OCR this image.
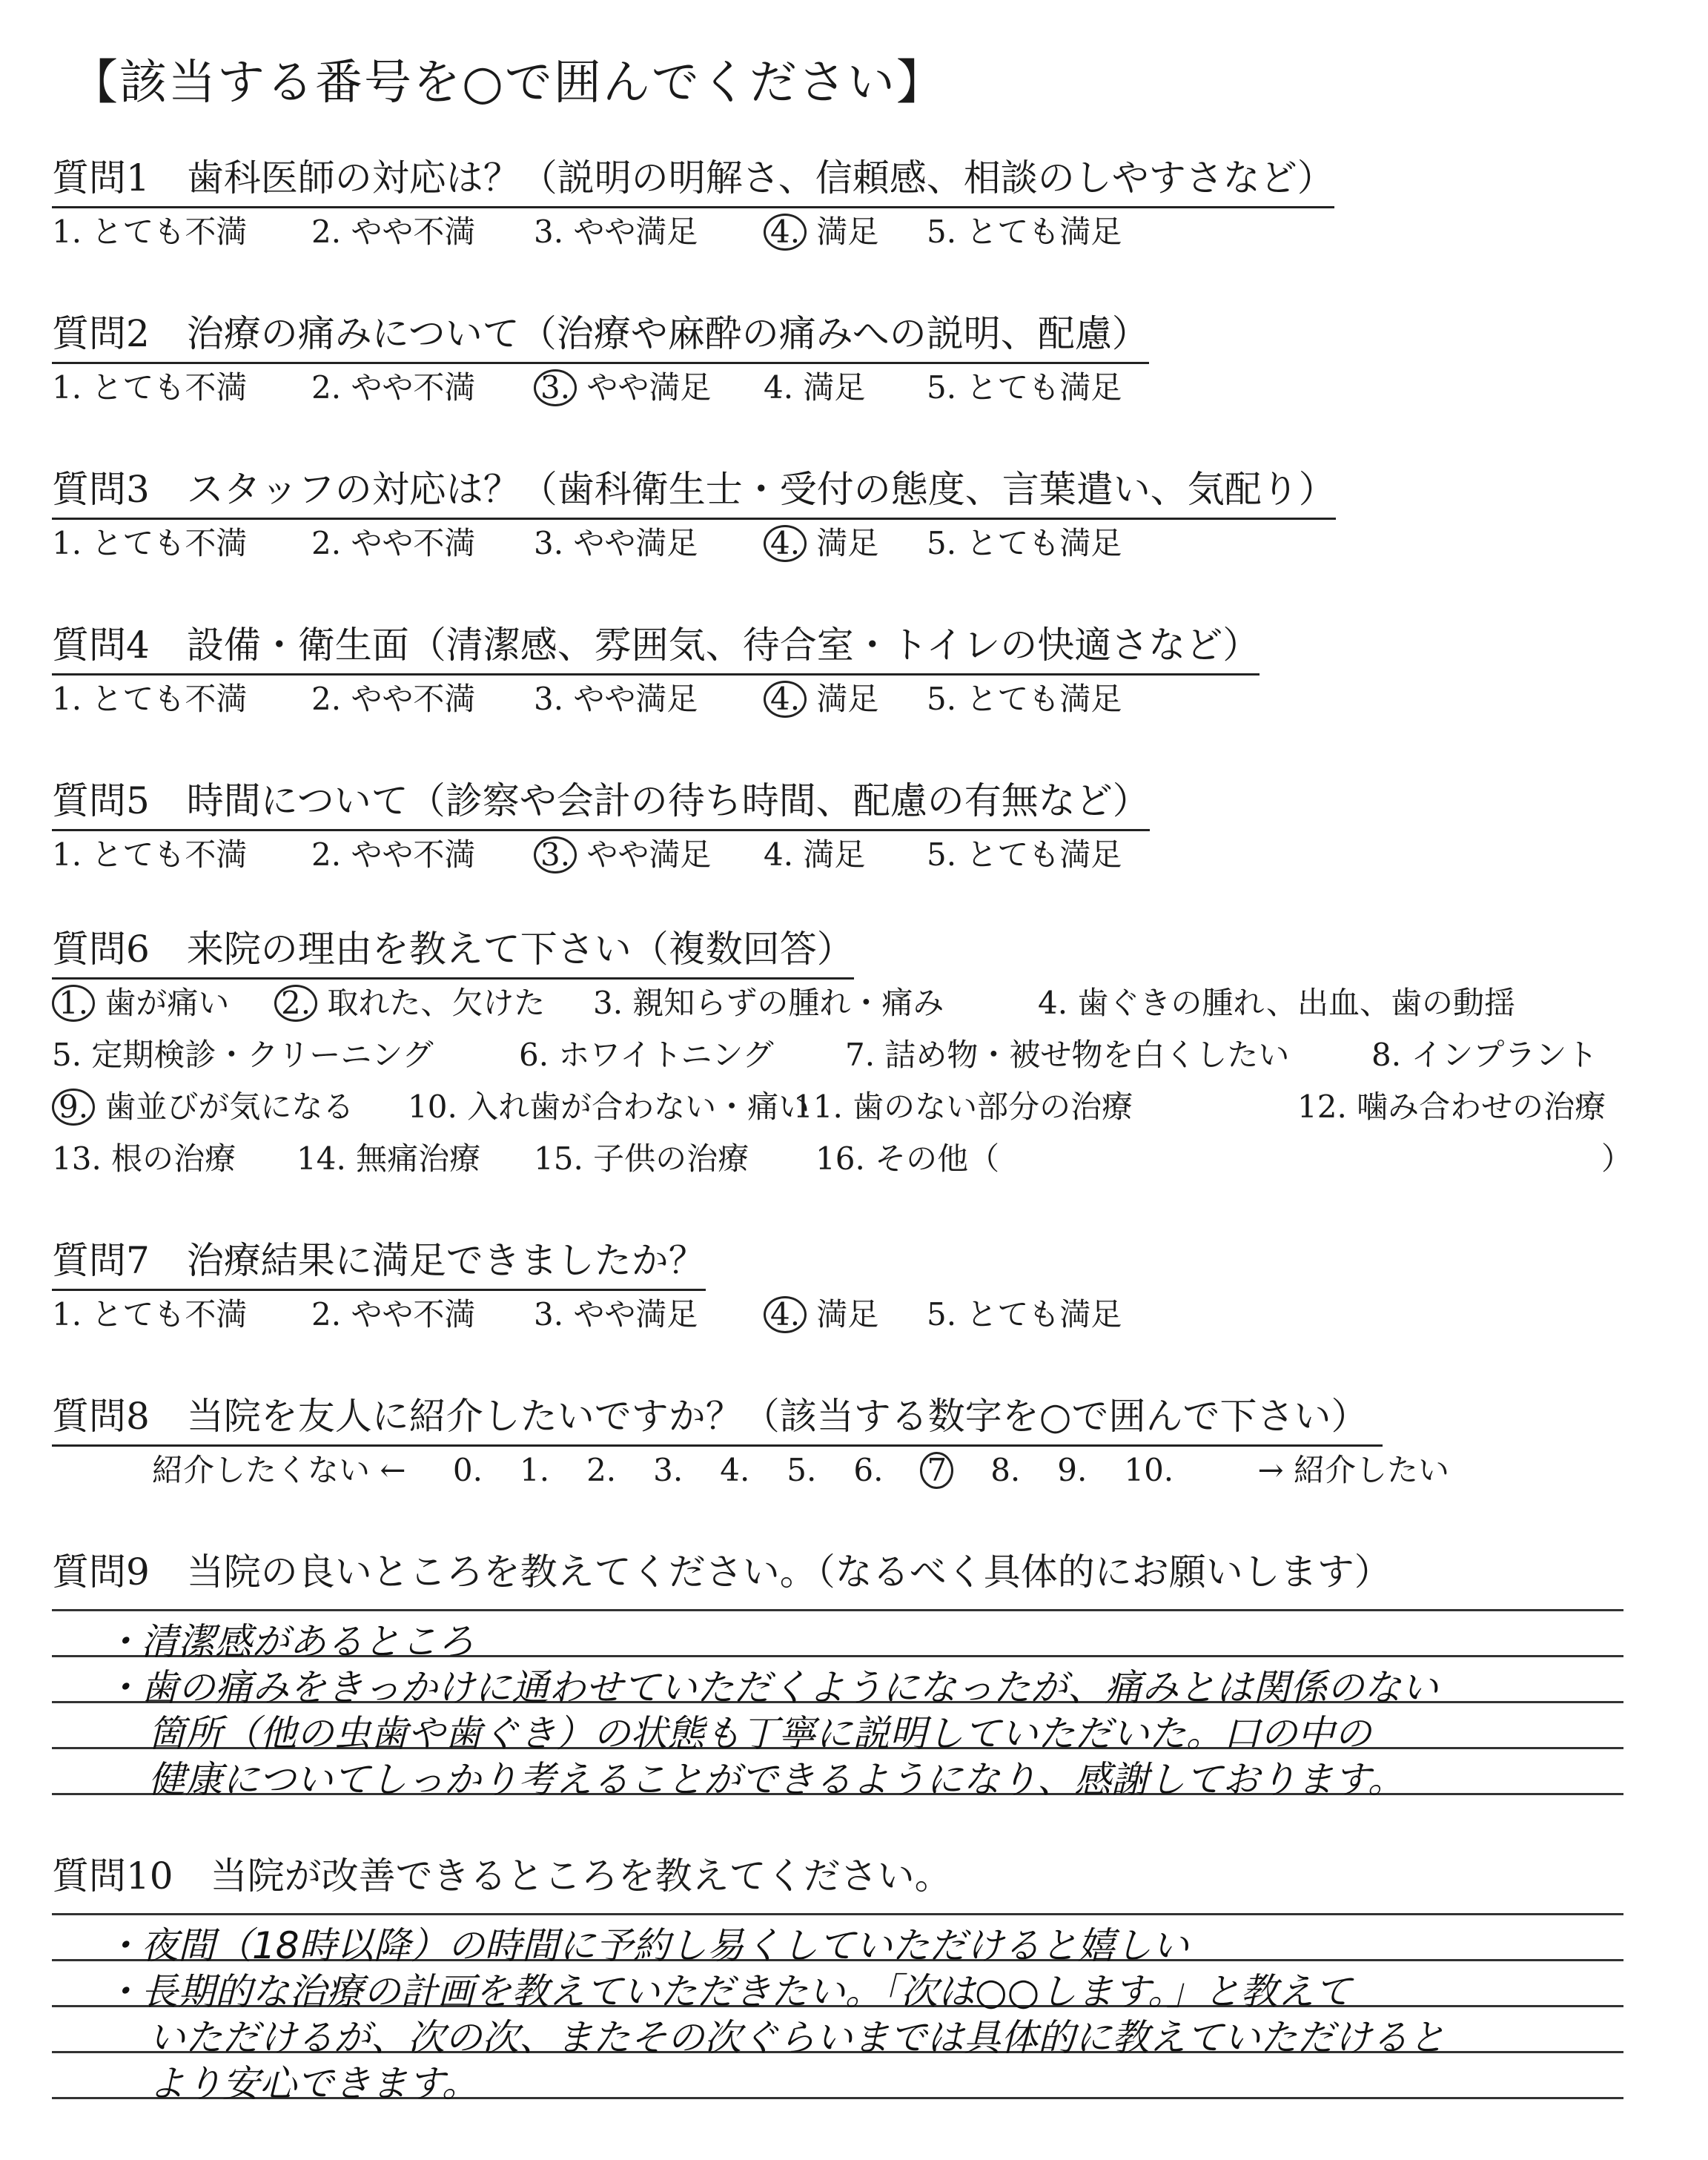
【該当する番号を○で囲んでください】
質問1　歯科医師の対応は？（説明の明解さ、信頼感、相談のしやすさなど）
1. とても不満 2. やや不満 3. やや満足 4. 満足 5. とても満足
質問2　治療の痛みについて（治療や麻酔の痛みへの説明、配慮）
1. とても不満 2. やや不満 3. やや満足 4. 満足 5. とても満足
質問3　スタッフの対応は？（歯科衛生士・受付の態度、言葉遣い、気配り）
1. とても不満 2. やや不満 3. やや満足 4. 満足 5. とても満足
質問4　設備・衛生面（清潔感、雰囲気、待合室・トイレの快適さなど）
1. とても不満 2. やや不満 3. やや満足 4. 満足 5. とても満足
質問5　時間について（診察や会計の待ち時間、配慮の有無など）
1. とても不満 2. やや不満 3. やや満足 4. 満足 5. とても満足
質問6　来院の理由を教えて下さい（複数回答）
1. 歯が痛い 2. 取れた、欠けた 3. 親知らずの腫れ・痛み	4. 歯ぐきの腫れ、出血、歯の動揺
5. 定期検診・クリーニング	6. ホワイトニング 7. 詰め物・被せ物を白くしたい	8. インプラント
9. 歯並びが気になる 10. 入れ歯が合わない・痛い
11. 歯のない部分の治療	12. 噛み合わせの治療
13. 根の治療 14. 無痛治療 15. 子供の治療 16. その他（	）
質問7　治療結果に満足できましたか？
1. とても不満 2. やや不満 3. やや満足 4. 満足 5. とても満足
質問8　当院を友人に紹介したいですか？（該当する数字を○で囲んで下さい）
紹介したくない ← 0. 1. 2. 3. 4. 5. 6. 7 8. 9. 10.	→ 紹介したい
質問9　当院の良いところを教えてください。（なるべく具体的にお願いします）
・清潔感があるところ
・歯の痛みをきっかけに通わせていただくようになったが、痛みとは関係のない
箇所（他の虫歯や歯ぐき）の状態も丁寧に説明していただいた。口の中の
健康についてしっかり考えることができるようになり、感謝しております。
質問10　当院が改善できるところを教えてください。
・夜間（18時以降）の時間に予約し易くしていただけると嬉しい
・長期的な治療の計画を教えていただきたい。「次は○○します。」と教えて
いただけるが、次の次、またその次ぐらいまでは具体的に教えていただけると
より安心できます。
